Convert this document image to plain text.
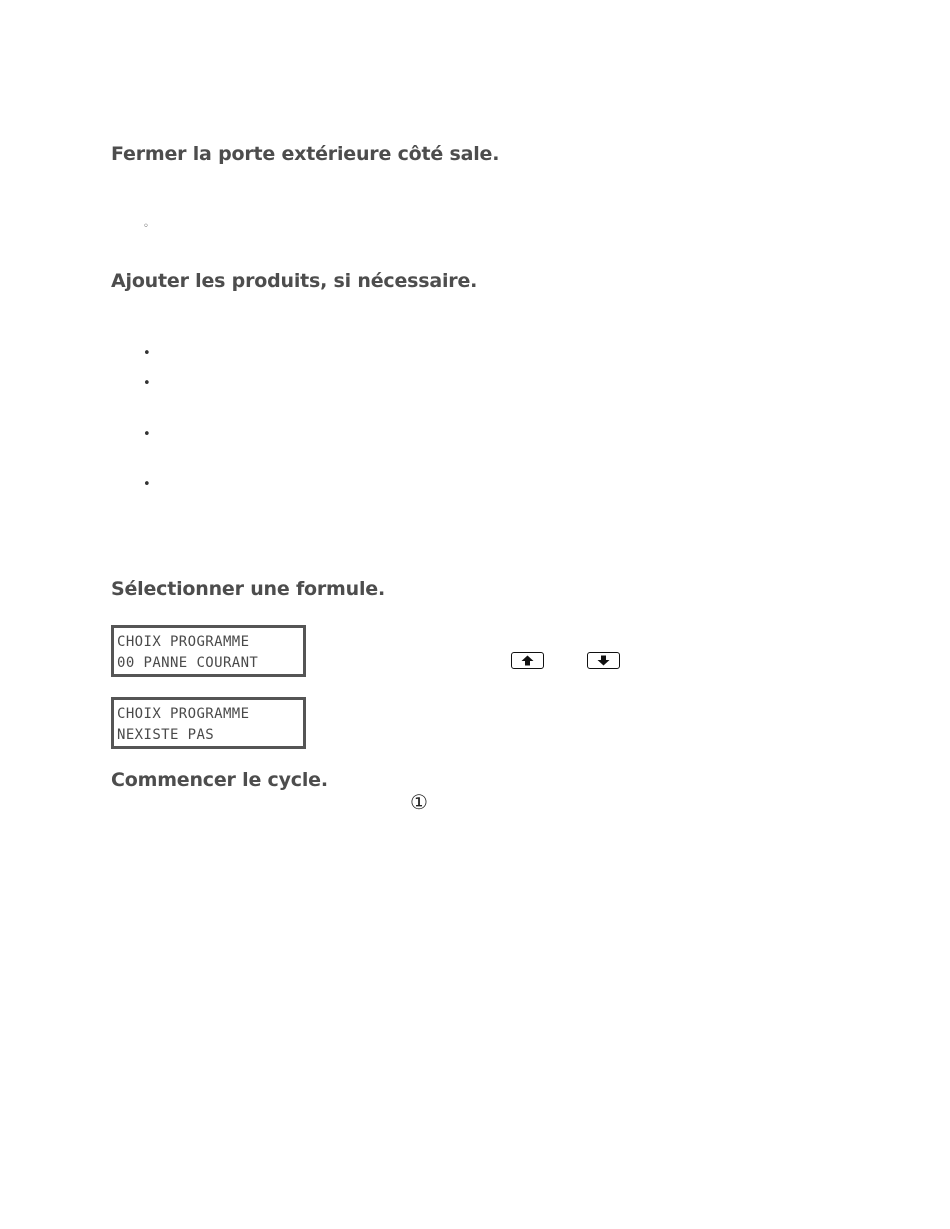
Fermer la porte extérieure côté sale.
◦
Ajouter les produits, si nécessaire.
•
•
•
•
Sélectionner une formule.
CHOIX PROGRAMME
00 PANNE COURANT
CHOIX PROGRAMME
NEXISTE PAS
Commencer le cycle.
①
